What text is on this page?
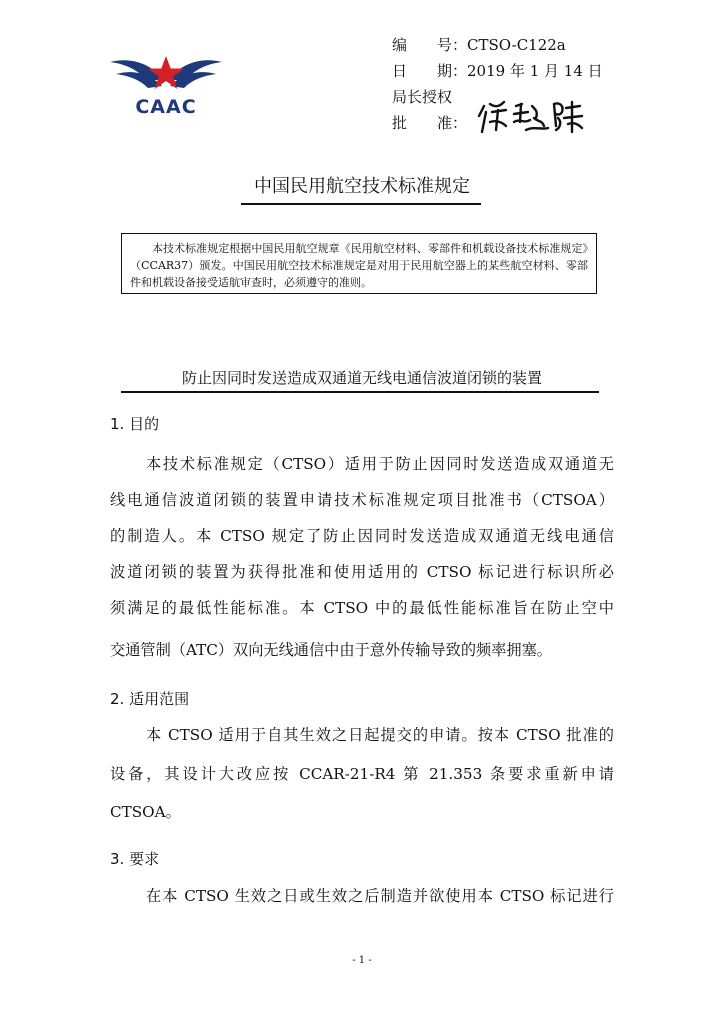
CAAC
编　　号：CTSO-C122a
日　　期：2019 年 1 月 14 日
局长授权
批　　准：
中国民用航空技术标准规定
本技术标准规定根据中国民用航空规章《民用航空材料、零部件和机载设备技术标准规定》（CCAR37）颁发。中国民用航空技术标准规定是对用于民用航空器上的某些航空材料、零部件和机载设备接受适航审查时，必须遵守的准则。
防止因同时发送造成双通道无线电通信波道闭锁的装置
1. 目的
本技术标准规定（CTSO）适用于防止因同时发送造成双通道无
线电通信波道闭锁的装置申请技术标准规定项目批准书（CTSOA）
的制造人。本 CTSO 规定了防止因同时发送造成双通道无线电通信
波道闭锁的装置为获得批准和使用适用的 CTSO 标记进行标识所必
须满足的最低性能标准。本 CTSO 中的最低性能标准旨在防止空中
交通管制（ATC）双向无线通信中由于意外传输导致的频率拥塞。
2. 适用范围
本 CTSO 适用于自其生效之日起提交的申请。按本 CTSO 批准的
设备，其设计大改应按 CCAR-21-R4 第 21.353 条要求重新申请
CTSOA。
3. 要求
在本 CTSO 生效之日或生效之后制造并欲使用本 CTSO 标记进行
- 1 -
